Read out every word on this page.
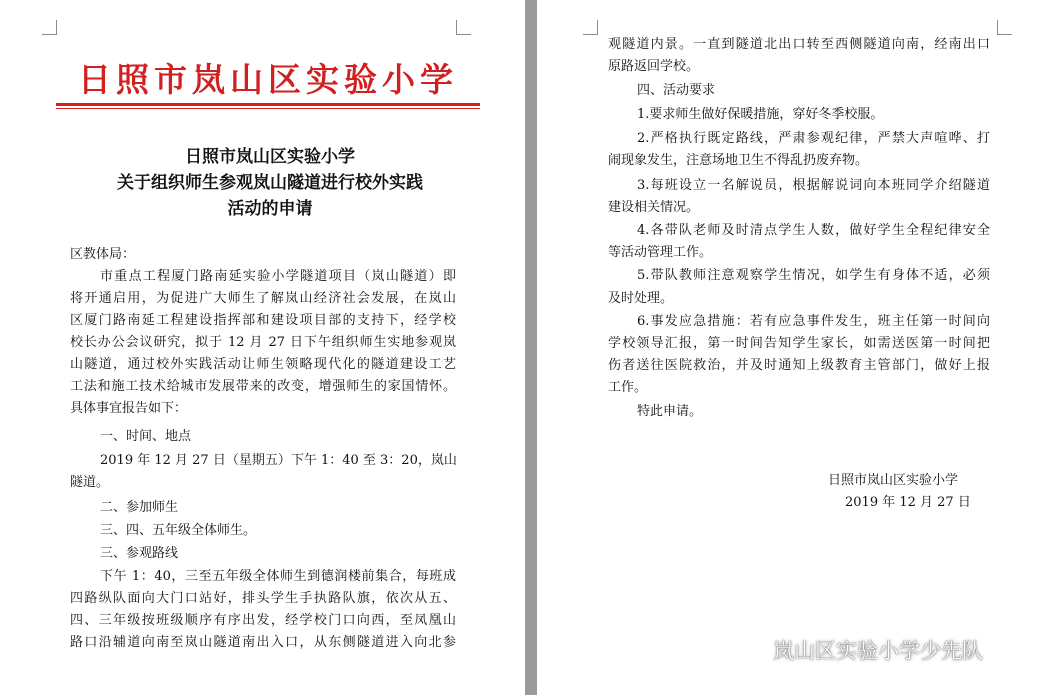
日照市岚山区实验小学
日照市岚山区实验小学
关于组织师生参观岚山隧道进行校外实践
活动的申请
区教体局：
市重点工程厦门路南延实验小学隧道项目（岚山隧道）即
将开通启用，为促进广大师生了解岚山经济社会发展，在岚山
区厦门路南延工程建设指挥部和建设项目部的支持下，经学校
校长办公会议研究，拟于 12 月 27 日下午组织师生实地参观岚
山隧道，通过校外实践活动让师生领略现代化的隧道建设工艺
工法和施工技术给城市发展带来的改变，增强师生的家国情怀。
具体事宜报告如下：
一、时间、地点
2019 年 12 月 27 日（星期五）下午 1：40 至 3：20，岚山
隧道。
二、参加师生
三、四、五年级全体师生。
三、参观路线
下午 1：40，三至五年级全体师生到德润楼前集合，每班成
四路纵队面向大门口站好，排头学生手执路队旗，依次从五、
四、三年级按班级顺序有序出发，经学校门口向西，至凤凰山
路口沿辅道向南至岚山隧道南出入口，从东侧隧道进入向北参
观隧道内景。一直到隧道北出口转至西侧隧道向南，经南出口
原路返回学校。
四、活动要求
1.要求师生做好保暖措施，穿好冬季校服。
2.严格执行既定路线，严肃参观纪律，严禁大声喧哗、打
闹现象发生，注意场地卫生不得乱扔废弃物。
3.每班设立一名解说员，根据解说词向本班同学介绍隧道
建设相关情况。
4.各带队老师及时清点学生人数，做好学生全程纪律安全
等活动管理工作。
5.带队教师注意观察学生情况，如学生有身体不适，必须
及时处理。
6.事发应急措施：若有应急事件发生，班主任第一时间向
学校领导汇报，第一时间告知学生家长，如需送医第一时间把
伤者送往医院救治，并及时通知上级教育主管部门，做好上报
工作。
特此申请。
日照市岚山区实验小学
2019 年 12 月 27 日
岚山区实验小学少先队
